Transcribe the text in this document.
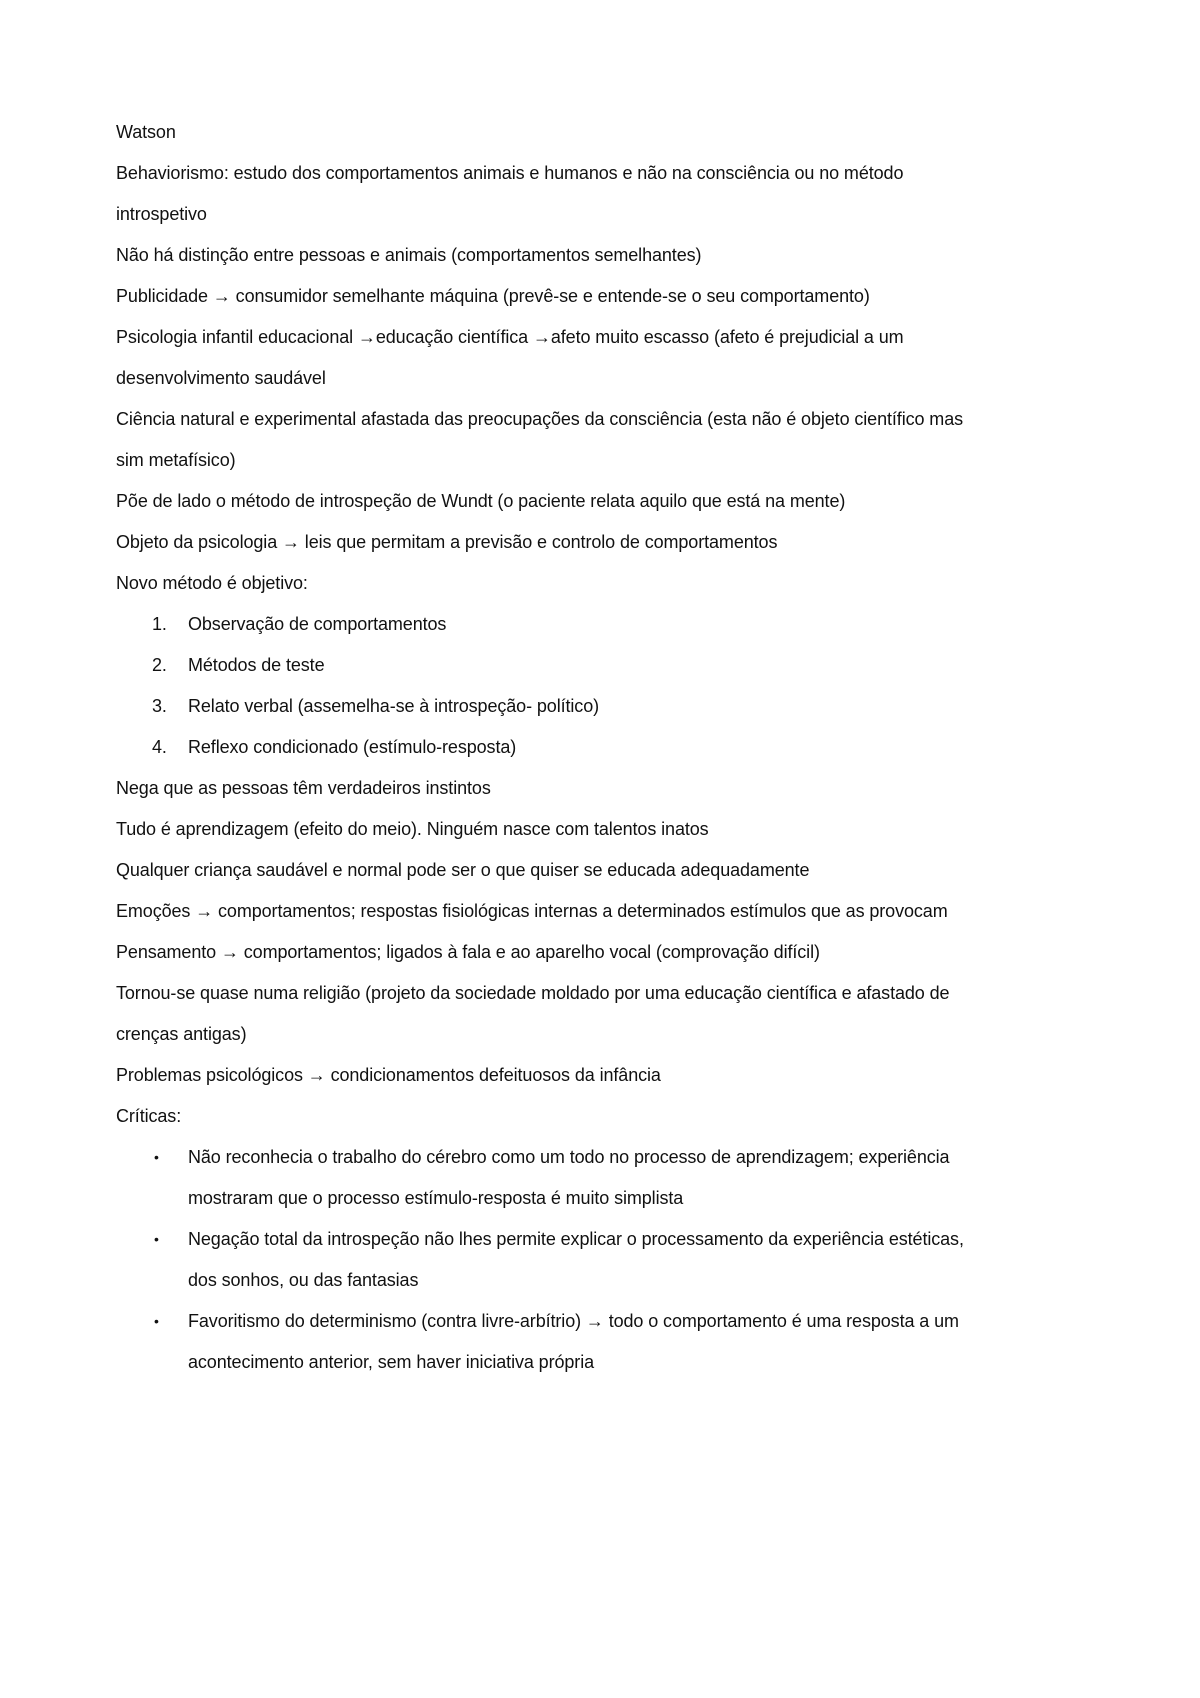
Watson
Behaviorismo: estudo dos comportamentos animais e humanos e não na consciência ou no método
introspetivo
Não há distinção entre pessoas e animais (comportamentos semelhantes)
Publicidade → consumidor semelhante máquina (prevê-se e entende-se o seu comportamento)
Psicologia infantil educacional →educação científica →afeto muito escasso (afeto é prejudicial a um
desenvolvimento saudável
Ciência natural e experimental afastada das preocupações da consciência (esta não é objeto científico mas
sim metafísico)
Põe de lado o método de introspeção de Wundt (o paciente relata aquilo que está na mente)
Objeto da psicologia → leis que permitam a previsão e controlo de comportamentos
Novo método é objetivo:
1.	Observação de comportamentos
2.	Métodos de teste
3.	Relato verbal (assemelha-se à introspeção- político)
4.	Reflexo condicionado (estímulo-resposta)
Nega que as pessoas têm verdadeiros instintos
Tudo é aprendizagem (efeito do meio). Ninguém nasce com talentos inatos
Qualquer criança saudável e normal pode ser o que quiser se educada adequadamente
Emoções → comportamentos; respostas fisiológicas internas a determinados estímulos que as provocam
Pensamento → comportamentos; ligados à fala e ao aparelho vocal (comprovação difícil)
Tornou-se quase numa religião (projeto da sociedade moldado por uma educação científica e afastado de
crenças antigas)
Problemas psicológicos → condicionamentos defeituosos da infância
Críticas:
•	Não reconhecia o trabalho do cérebro como um todo no processo de aprendizagem; experiência
mostraram que o processo estímulo-resposta é muito simplista
•	Negação total da introspeção não lhes permite explicar o processamento da experiência estéticas,
dos sonhos, ou das fantasias
•	Favoritismo do determinismo (contra livre-arbítrio) → todo o comportamento é uma resposta a um
acontecimento anterior, sem haver iniciativa própria
